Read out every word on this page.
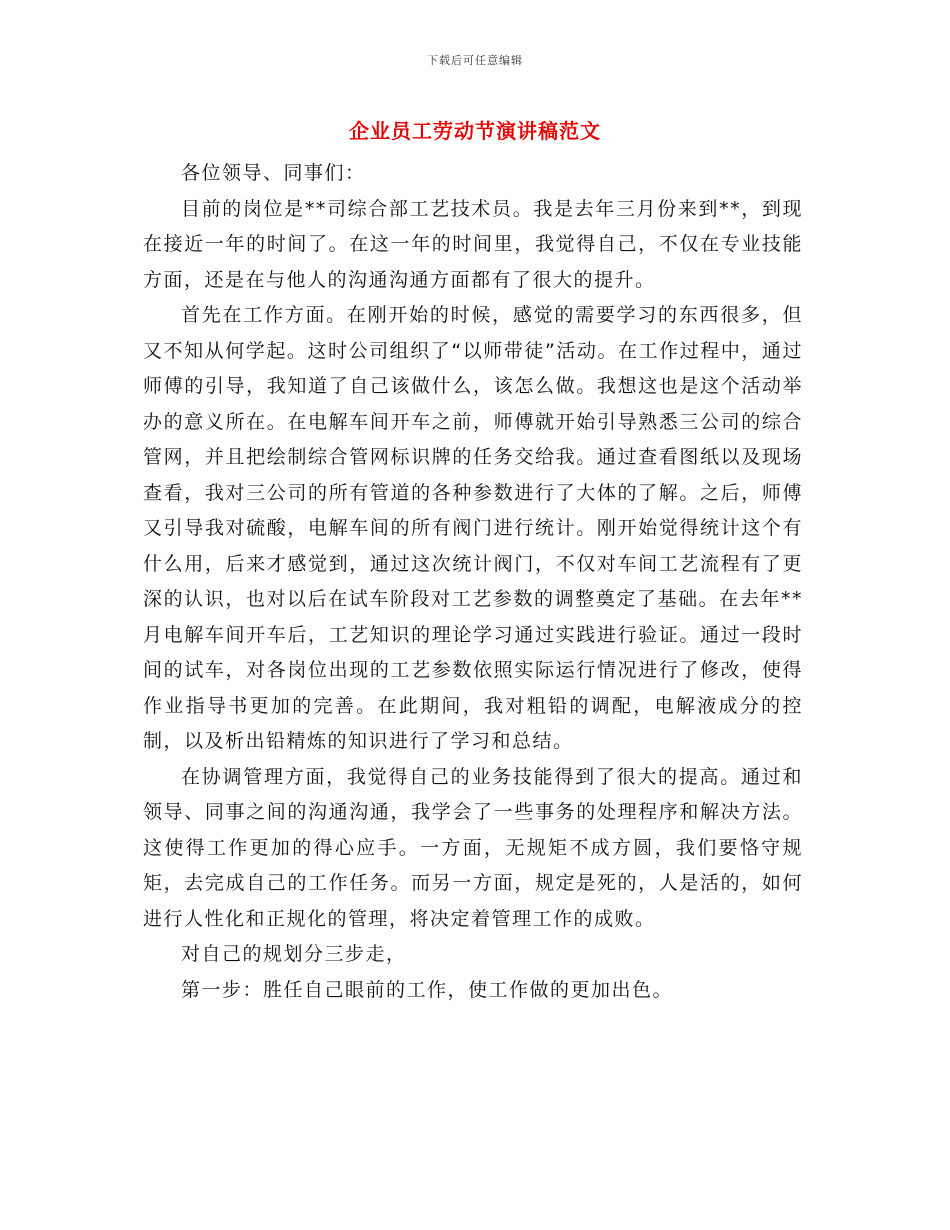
下载后可任意编辑
企业员工劳动节演讲稿范文

各位领导、同事们：

目前的岗位是**司综合部工艺技术员。我是去年三月份来到**，到现在接近一年的时间了。在这一年的时间里，我觉得自己，不仅在专业技能方面，还是在与他人的沟通沟通方面都有了很大的提升。

首先在工作方面。在刚开始的时候，感觉的需要学习的东西很多，但又不知从何学起。这时公司组织了“以师带徒”活动。在工作过程中，通过师傅的引导，我知道了自己该做什么，该怎么做。我想这也是这个活动举办的意义所在。在电解车间开车之前，师傅就开始引导熟悉三公司的综合管网，并且把绘制综合管网标识牌的任务交给我。通过查看图纸以及现场查看，我对三公司的所有管道的各种参数进行了大体的了解。之后，师傅又引导我对硫酸，电解车间的所有阀门进行统计。刚开始觉得统计这个有什么用，后来才感觉到，通过这次统计阀门，不仅对车间工艺流程有了更深的认识，也对以后在试车阶段对工艺参数的调整奠定了基础。在去年**月电解车间开车后，工艺知识的理论学习通过实践进行验证。通过一段时间的试车，对各岗位出现的工艺参数依照实际运行情况进行了修改，使得作业指导书更加的完善。在此期间，我对粗铅的调配，电解液成分的控制，以及析出铅精炼的知识进行了学习和总结。

在协调管理方面，我觉得自己的业务技能得到了很大的提高。通过和领导、同事之间的沟通沟通，我学会了一些事务的处理程序和解决方法。这使得工作更加的得心应手。一方面，无规矩不成方圆，我们要恪守规矩，去完成自己的工作任务。而另一方面，规定是死的，人是活的，如何进行人性化和正规化的管理，将决定着管理工作的成败。

对自己的规划分三步走，

第一步：胜任自己眼前的工作，使工作做的更加出色。
